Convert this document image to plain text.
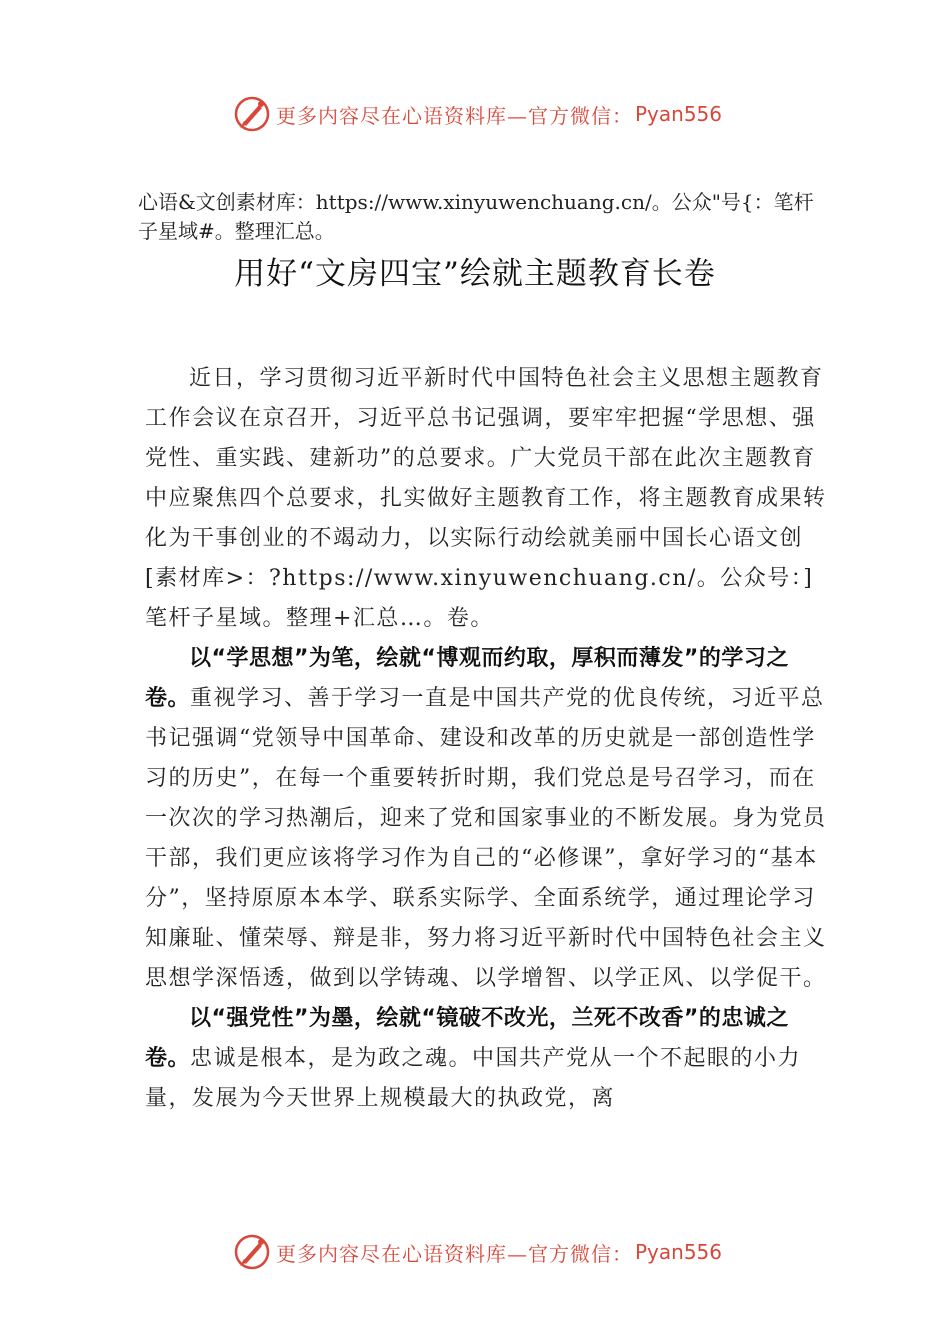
更多内容尽在心语资料库—官方微信： Pyan556
心语&文创素材库：https://www.xinyuwenchuang.cn/。公众"号{：笔杆子星域#。整理汇总。
用好“文房四宝”绘就主题教育长卷

近日，学习贯彻习近平新时代中国特色社会主义思想主题教育工作会议在京召开，习近平总书记强调，要牢牢把握“学思想、强党性、重实践、建新功”的总要求。广大党员干部在此次主题教育中应聚焦四个总要求，扎实做好主题教育工作，将主题教育成果转化为干事创业的不竭动力，以实际行动绘就美丽中国长心语文创[素材库>：?https://www.xinyuwenchuang.cn/。公众号：]笔杆子星域。整理+汇总…。卷。

以“学思想”为笔，绘就“博观而约取，厚积而薄发”的学习之卷。重视学习、善于学习一直是中国共产党的优良传统，习近平总书记强调“党领导中国革命、建设和改革的历史就是一部创造性学习的历史”，在每一个重要转折时期，我们党总是号召学习，而在一次次的学习热潮后，迎来了党和国家事业的不断发展。身为党员干部，我们更应该将学习作为自己的“必修课”，拿好学习的“基本分”，坚持原原本本学、联系实际学、全面系统学，通过理论学习知廉耻、懂荣辱、辩是非，努力将习近平新时代中国特色社会主义思想学深悟透，做到以学铸魂、以学增智、以学正风、以学促干。

以“强党性”为墨，绘就“镜破不改光，兰死不改香”的忠诚之卷。忠诚是根本，是为政之魂。中国共产党从一个不起眼的小力量，发展为今天世界上规模最大的执政党，离

更多内容尽在心语资料库—官方微信： Pyan556
